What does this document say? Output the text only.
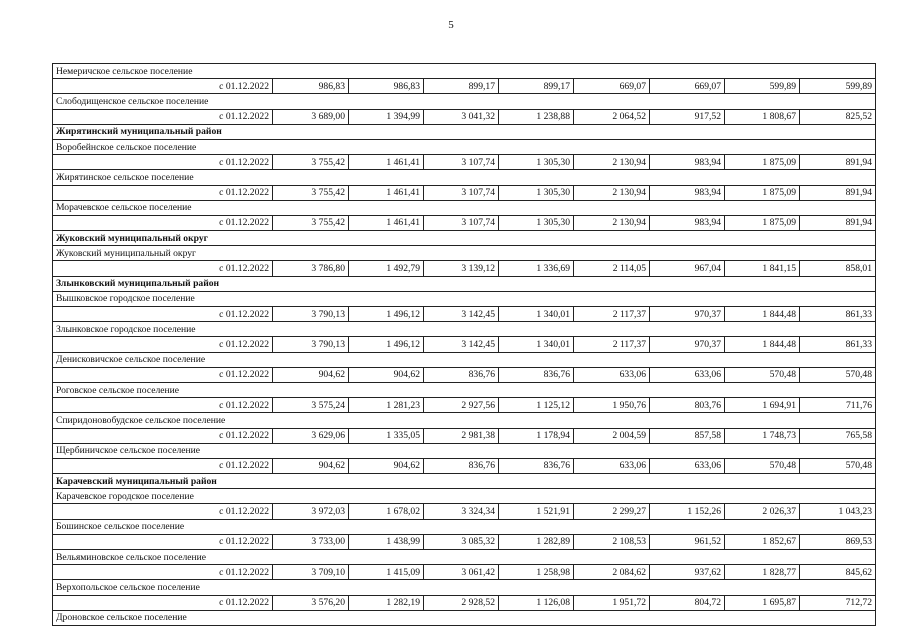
5
Немеричское сельское поселение								
с 01.12.2022	986,83	986,83	899,17	899,17	669,07	669,07	599,89	599,89
Слободищенское сельское поселение								
с 01.12.2022	3 689,00	1 394,99	3 041,32	1 238,88	2 064,52	917,52	1 808,67	825,52
Жирятинский муниципальный район								
Воробейнское сельское поселение								
с 01.12.2022	3 755,42	1 461,41	3 107,74	1 305,30	2 130,94	983,94	1 875,09	891,94
Жирятинское сельское поселение								
с 01.12.2022	3 755,42	1 461,41	3 107,74	1 305,30	2 130,94	983,94	1 875,09	891,94
Морачевское сельское поселение								
с 01.12.2022	3 755,42	1 461,41	3 107,74	1 305,30	2 130,94	983,94	1 875,09	891,94
Жуковский муниципальный округ								
Жуковский муниципальный округ								
с 01.12.2022	3 786,80	1 492,79	3 139,12	1 336,69	2 114,05	967,04	1 841,15	858,01
Злынковский муниципальный район								
Вышковское городское поселение								
с 01.12.2022	3 790,13	1 496,12	3 142,45	1 340,01	2 117,37	970,37	1 844,48	861,33
Злынковское городское поселение								
с 01.12.2022	3 790,13	1 496,12	3 142,45	1 340,01	2 117,37	970,37	1 844,48	861,33
Денисковичское сельское поселение								
с 01.12.2022	904,62	904,62	836,76	836,76	633,06	633,06	570,48	570,48
Роговское сельское поселение								
с 01.12.2022	3 575,24	1 281,23	2 927,56	1 125,12	1 950,76	803,76	1 694,91	711,76
Спиридоновобудское сельское поселение								
с 01.12.2022	3 629,06	1 335,05	2 981,38	1 178,94	2 004,59	857,58	1 748,73	765,58
Щербиничское сельское поселение								
с 01.12.2022	904,62	904,62	836,76	836,76	633,06	633,06	570,48	570,48
Карачевский муниципальный район								
Карачевское городское поселение								
с 01.12.2022	3 972,03	1 678,02	3 324,34	1 521,91	2 299,27	1 152,26	2 026,37	1 043,23
Бошинское сельское поселение								
с 01.12.2022	3 733,00	1 438,99	3 085,32	1 282,89	2 108,53	961,52	1 852,67	869,53
Вельяминовское сельское поселение								
с 01.12.2022	3 709,10	1 415,09	3 061,42	1 258,98	2 084,62	937,62	1 828,77	845,62
Верхопольское сельское поселение								
с 01.12.2022	3 576,20	1 282,19	2 928,52	1 126,08	1 951,72	804,72	1 695,87	712,72
Дроновское сельское поселение								
